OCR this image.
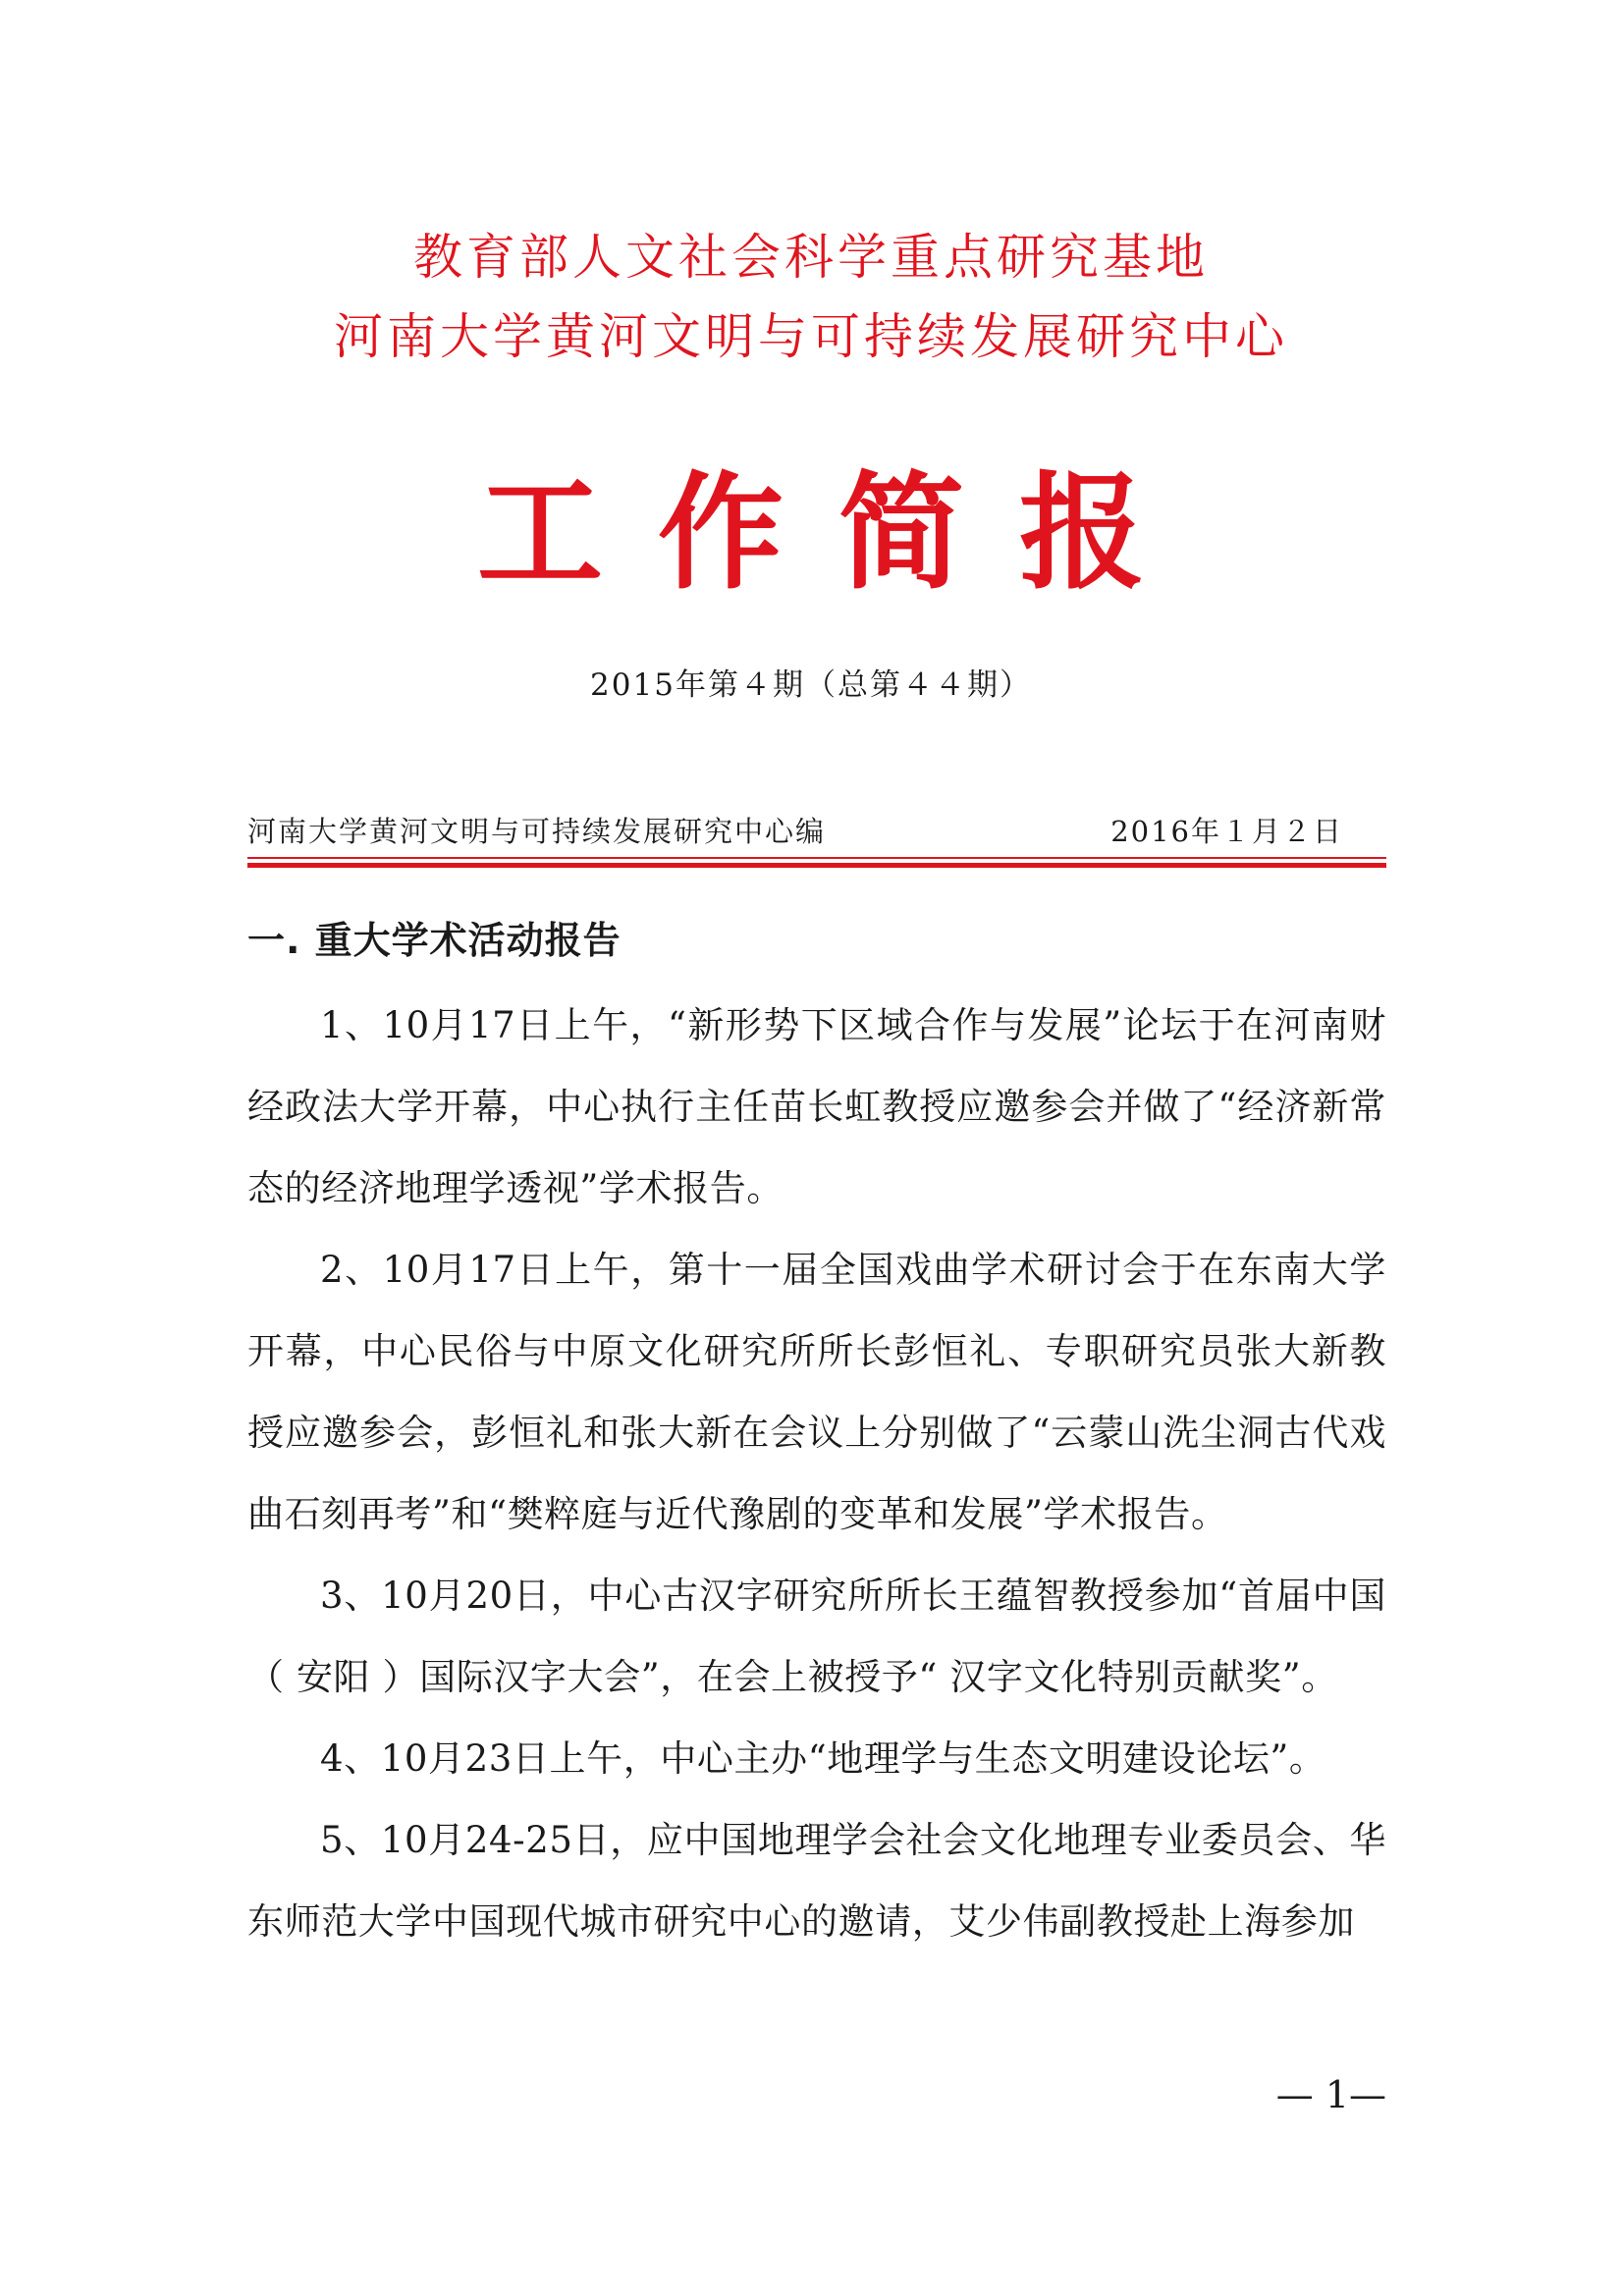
教育部人文社会科学重点研究基地
河南大学黄河文明与可持续发展研究中心
工作简报
2015年第４期（总第４４期）
河南大学黄河文明与可持续发展研究中心编	2016年１月２日
一. 重大学术活动报告

1、10月17日上午，“新形势下区域合作与发展”论坛于在河南财经政法大学开幕，中心执行主任苗长虹教授应邀参会并做了“经济新常态的经济地理学透视”学术报告。

2、10月17日上午，第十一届全国戏曲学术研讨会于在东南大学开幕，中心民俗与中原文化研究所所长彭恒礼、专职研究员张大新教授应邀参会，彭恒礼和张大新在会议上分别做了“云蒙山洗尘洞古代戏曲石刻再考”和“樊粹庭与近代豫剧的变革和发展”学术报告。

3、10月20日，中心古汉字研究所所长王蕴智教授参加“首届中国（ 安阳 ）国际汉字大会”，在会上被授予“ 汉字文化特别贡献奖”。

4、10月23日上午，中心主办“地理学与生态文明建设论坛”。

5、10月24-25日，应中国地理学会社会文化地理专业委员会、华东师范大学中国现代城市研究中心的邀请，艾少伟副教授赴上海参加

— 1—
